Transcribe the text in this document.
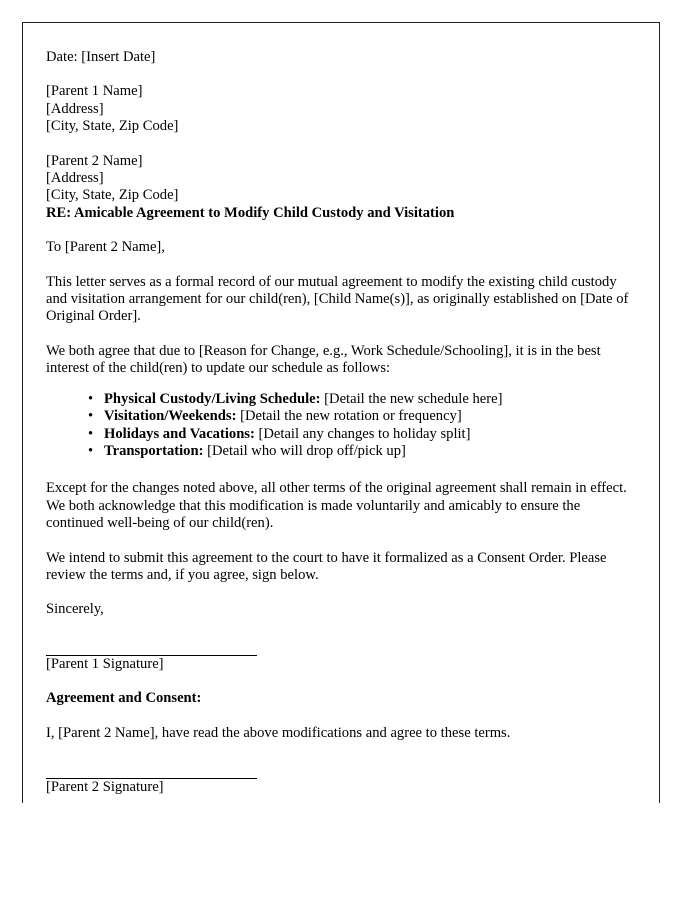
Date: [Insert Date]

[Parent 1 Name]
[Address]
[City, State, Zip Code]
[Parent 2 Name]
[Address]
[City, State, Zip Code]

RE: Amicable Agreement to Modify Child Custody and Visitation

To [Parent 2 Name],

This letter serves as a formal record of our mutual agreement to modify the existing child custody and visitation arrangement for our child(ren), [Child Name(s)], as originally established on [Date of Original Order].

We both agree that due to [Reason for Change, e.g., Work Schedule/Schooling], it is in the best interest of the child(ren) to update our schedule as follows:

• Physical Custody/Living Schedule: [Detail the new schedule here]
• Visitation/Weekends: [Detail the new rotation or frequency]
• Holidays and Vacations: [Detail any changes to holiday split]
• Transportation: [Detail who will drop off/pick up]

Except for the changes noted above, all other terms of the original agreement shall remain in effect. We both acknowledge that this modification is made voluntarily and amicably to ensure the continued well-being of our child(ren).

We intend to submit this agreement to the court to have it formalized as a Consent Order. Please review the terms and, if you agree, sign below.

Sincerely,

[Parent 1 Signature]

Agreement and Consent:

I, [Parent 2 Name], have read the above modifications and agree to these terms.

[Parent 2 Signature]
